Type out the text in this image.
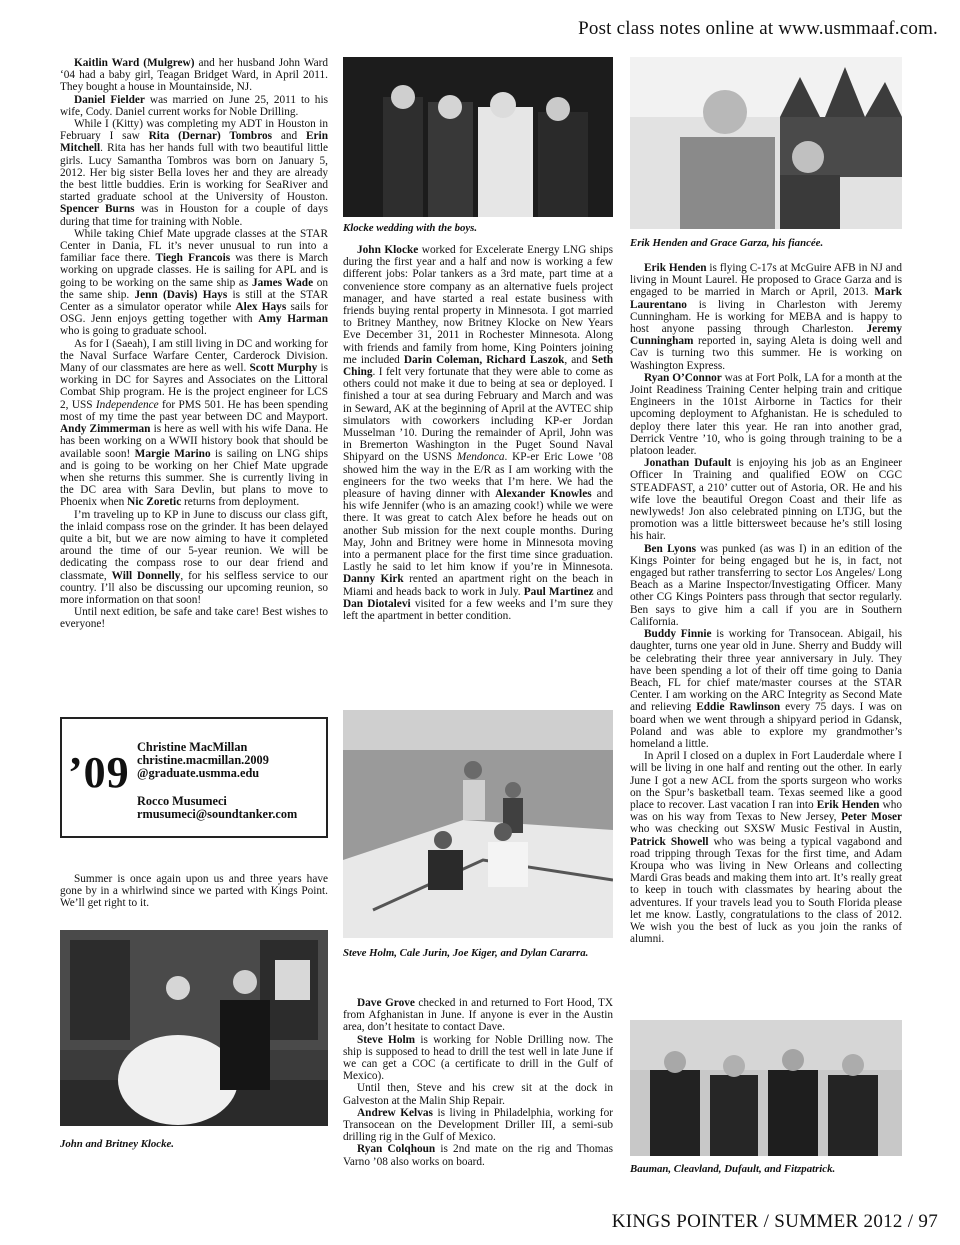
Post class notes online at www.usmmaaf.com.

Kaitlin Ward (Mulgrew) and her husband John Ward ‘04 had a baby girl, Teagan Bridget Ward, in April 2011. They bought a house in Mountainside, NJ.

Daniel Fielder was married on June 25, 2011 to his wife, Cody. Daniel current works for Noble Drilling.

While I (Kitty) was completing my ADT in Houston in February I saw Rita (Dernar) Tombros and Erin Mitchell. Rita has her hands full with two beautiful little girls. Lucy Samantha Tombros was born on January 5, 2012. Her big sister Bella loves her and they are already the best little buddies. Erin is working for SeaRiver and started graduate school at the University of Houston. Spencer Burns was in Houston for a couple of days during that time for training with Noble.

While taking Chief Mate upgrade classes at the STAR Center in Dania, FL it’s never unusual to run into a familiar face there. Tiegh Francois was there is March working on upgrade classes. He is sailing for APL and is going to be working on the same ship as James Wade on the same ship. Jenn (Davis) Hays is still at the STAR Center as a simulator operator while Alex Hays sails for OSG. Jenn enjoys getting together with Amy Harman who is going to graduate school.

As for I (Saeah), I am still living in DC and working for the Naval Surface Warfare Center, Carderock Division. Many of our classmates are here as well. Scott Murphy is working in DC for Sayres and Associates on the Littoral Combat Ship program. He is the project engineer for LCS 2, USS Independence for PMS 501. He has been spending most of my time the past year between DC and Mayport. Andy Zimmerman is here as well with his wife Dana. He has been working on a WWII history book that should be available soon! Margie Marino is sailing on LNG ships and is going to be working on her Chief Mate upgrade when she returns this summer. She is currently living in the DC area with Sara Devlin, but plans to move to Phoenix when Nic Zoretic returns from deployment.

I’m traveling up to KP in June to discuss our class gift, the inlaid compass rose on the grinder. It has been delayed quite a bit, but we are now aiming to have it completed around the time of our 5-year reunion. We will be dedicating the compass rose to our dear friend and classmate, Will Donnelly, for his selfless service to our country. I’ll also be discussing our upcoming reunion, so more information on that soon!

Until next edition, be safe and take care! Best wishes to everyone!

’09
Christine MacMillan
christine.macmillan.2009
@graduate.usmma.edu
Rocco Musumeci
rmusumeci@soundtanker.com

Summer is once again upon us and three years have gone by in a whirlwind since we parted with Kings Point. We’ll get right to it.

John and Britney Klocke.
Klocke wedding with the boys.

John Klocke worked for Excelerate Energy LNG ships during the first year and a half and now is working a few different jobs: Polar tankers as a 3rd mate, part time at a convenience store company as an alternative fuels project manager, and have started a real estate business with friends buying rental property in Minnesota. I got married to Britney Manthey, now Britney Klocke on New Years Eve December 31, 2011 in Rochester Minnesota. Along with friends and family from home, King Pointers joining me included Darin Coleman, Richard Laszok, and Seth Ching. I felt very fortunate that they were able to come as others could not make it due to being at sea or deployed. I finished a tour at sea during February and March and was in Seward, AK at the beginning of April at the AVTEC ship simulators with coworkers including KP-er Jordan Musselman ’10. During the remainder of April, John was in Bremerton Washington in the Puget Sound Naval Shipyard on the USNS Mendonca. KP-er Eric Lowe ’08 showed him the way in the E/R as I am working with the engineers for the two weeks that I’m here. We had the pleasure of having dinner with Alexander Knowles and his wife Jennifer (who is an amazing cook!) while we were there. It was great to catch Alex before he heads out on another Sub mission for the next couple months. During May, John and Britney were home in Minnesota moving into a permanent place for the first time since graduation. Lastly he said to let him know if you’re in Minnesota. Danny Kirk rented an apartment right on the beach in Miami and heads back to work in July. Paul Martinez and Dan Diotalevi visited for a few weeks and I’m sure they left the apartment in better condition.

Steve Holm, Cale Jurin, Joe Kiger, and Dylan Cararra.

Dave Grove checked in and returned to Fort Hood, TX from Afghanistan in June. If anyone is ever in the Austin area, don’t hesitate to contact Dave.

Steve Holm is working for Noble Drilling now. The ship is supposed to head to drill the test well in late June if we can get a COC (a certificate to drill in the Gulf of Mexico).

Until then, Steve and his crew sit at the dock in Galveston at the Malin Ship Repair.

Andrew Kelvas is living in Philadelphia, working for Transocean on the Development Driller III, a semi-sub drilling rig in the Gulf of Mexico.

Ryan Colqhoun is 2nd mate on the rig and Thomas Varno ’08 also works on board.

Erik Henden and Grace Garza, his fiancée.

Erik Henden is flying C-17s at McGuire AFB in NJ and living in Mount Laurel. He proposed to Grace Garza and is engaged to be married in March or April, 2013. Mark Laurentano is living in Charleston with Jeremy Cunningham. He is working for MEBA and is happy to host anyone passing through Charleston. Jeremy Cunningham reported in, saying Aleta is doing well and Cav is turning two this summer. He is working on Washington Express.

Ryan O’Connor was at Fort Polk, LA for a month at the Joint Readiness Training Center helping train and critique Engineers in the 101st Airborne in Tactics for their upcoming deployment to Afghanistan. He is scheduled to deploy there later this year. He ran into another grad, Derrick Ventre ’10, who is going through training to be a platoon leader.

Jonathan Dufault is enjoying his job as an Engineer Officer In Training and qualified EOW on CGC STEADFAST, a 210’ cutter out of Astoria, OR. He and his wife love the beautiful Oregon Coast and their life as newlyweds! Jon also celebrated pinning on LTJG, but the promotion was a little bittersweet because he’s still losing his hair.

Ben Lyons was punked (as was I) in an edition of the Kings Pointer for being engaged but he is, in fact, not engaged but rather transferring to sector Los Angeles/ Long Beach as a Marine Inspector/Investigating Officer. Many other CG Kings Pointers pass through that sector regularly. Ben says to give him a call if you are in Southern California.

Buddy Finnie is working for Transocean. Abigail, his daughter, turns one year old in June. Sherry and Buddy will be celebrating their three year anniversary in July. They have been spending a lot of their off time going to Dania Beach, FL for chief mate/master courses at the STAR Center. I am working on the ARC Integrity as Second Mate and relieving Eddie Rawlinson every 75 days. I was on board when we went through a shipyard period in Gdansk, Poland and was able to explore my grandmother’s homeland a little.

In April I closed on a duplex in Fort Lauderdale where I will be living in one half and renting out the other. In early June I got a new ACL from the sports surgeon who works on the Spur’s basketball team. Texas seemed like a good place to recover. Last vacation I ran into Erik Henden who was on his way from Texas to New Jersey, Peter Moser who was checking out SXSW Music Festival in Austin, Patrick Showell who was being a typical vagabond and road tripping through Texas for the first time, and Adam Kroupa who was living in New Orleans and collecting Mardi Gras beads and making them into art. It’s really great to keep in touch with classmates by hearing about the adventures. If your travels lead you to South Florida please let me know. Lastly, congratulations to the class of 2012. We wish you the best of luck as you join the ranks of alumni.

Bauman, Cleavland, Dufault, and Fitzpatrick.
KINGS POINTER / SUMMER 2012 / 97
